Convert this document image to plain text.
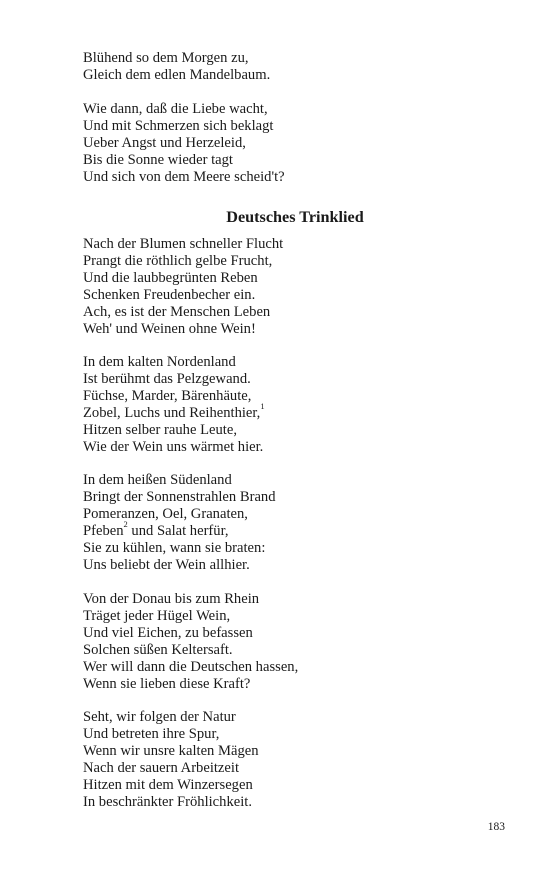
Blühend so dem Morgen zu,
Gleich dem edlen Mandelbaum.
Wie dann, daß die Liebe wacht,
Und mit Schmerzen sich beklagt
Ueber Angst und Herzeleid,
Bis die Sonne wieder tagt
Und sich von dem Meere scheid't?
Deutsches Trinklied
Nach der Blumen schneller Flucht
Prangt die röthlich gelbe Frucht,
Und die laubbegrünten Reben
Schenken Freudenbecher ein.
Ach, es ist der Menschen Leben
Weh' und Weinen ohne Wein!
In dem kalten Nordenland
Ist berühmt das Pelzgewand.
Füchse, Marder, Bärenhäute,
Zobel, Luchs und Reihenthier,$^1$
Hitzen selber rauhe Leute,
Wie der Wein uns wärmet hier.
In dem heißen Südenland
Bringt der Sonnenstrahlen Brand
Pomeranzen, Oel, Granaten,
Pfeben$^2$ und Salat herfür,
Sie zu kühlen, wann sie braten:
Uns beliebt der Wein allhier.
Von der Donau bis zum Rhein
Träget jeder Hügel Wein,
Und viel Eichen, zu befassen
Solchen süßen Keltersaft.
Wer will dann die Deutschen hassen,
Wenn sie lieben diese Kraft?
Seht, wir folgen der Natur
Und betreten ihre Spur,
Wenn wir unsre kalten Mägen
Nach der sauern Arbeitzeit
Hitzen mit dem Winzersegen
In beschränkter Fröhlichkeit.
183
